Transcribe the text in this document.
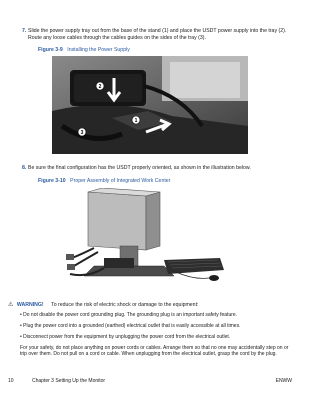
7. Slide the power supply tray out from the base of the stand (1) and place the USDT power supply into the tray (2). Route any loose cables through the cables guides on the sides of the tray (3).
Figure 3-9 Installing the Power Supply
2
1
3
8. Be sure the final configuration has the USDT properly oriented, as shown in the illustration below.
Figure 3-10 Proper Assembly of Integrated Work Center
⚠ WARNING! To reduce the risk of electric shock or damage to the equipment:
• Do not disable the power cord grounding plug. The grounding plug is an important safety feature.
• Plug the power cord into a grounded (earthed) electrical outlet that is easily accessible at all times.
• Disconnect power from the equipment by unplugging the power cord from the electrical outlet.
For your safety, do not place anything on power cords or cables. Arrange them so that no one may accidentally step on or trip over them. Do not pull on a cord or cable. When unplugging from the electrical outlet, grasp the cord by the plug.
10	Chapter 3 Setting Up the Monitor	ENWW
